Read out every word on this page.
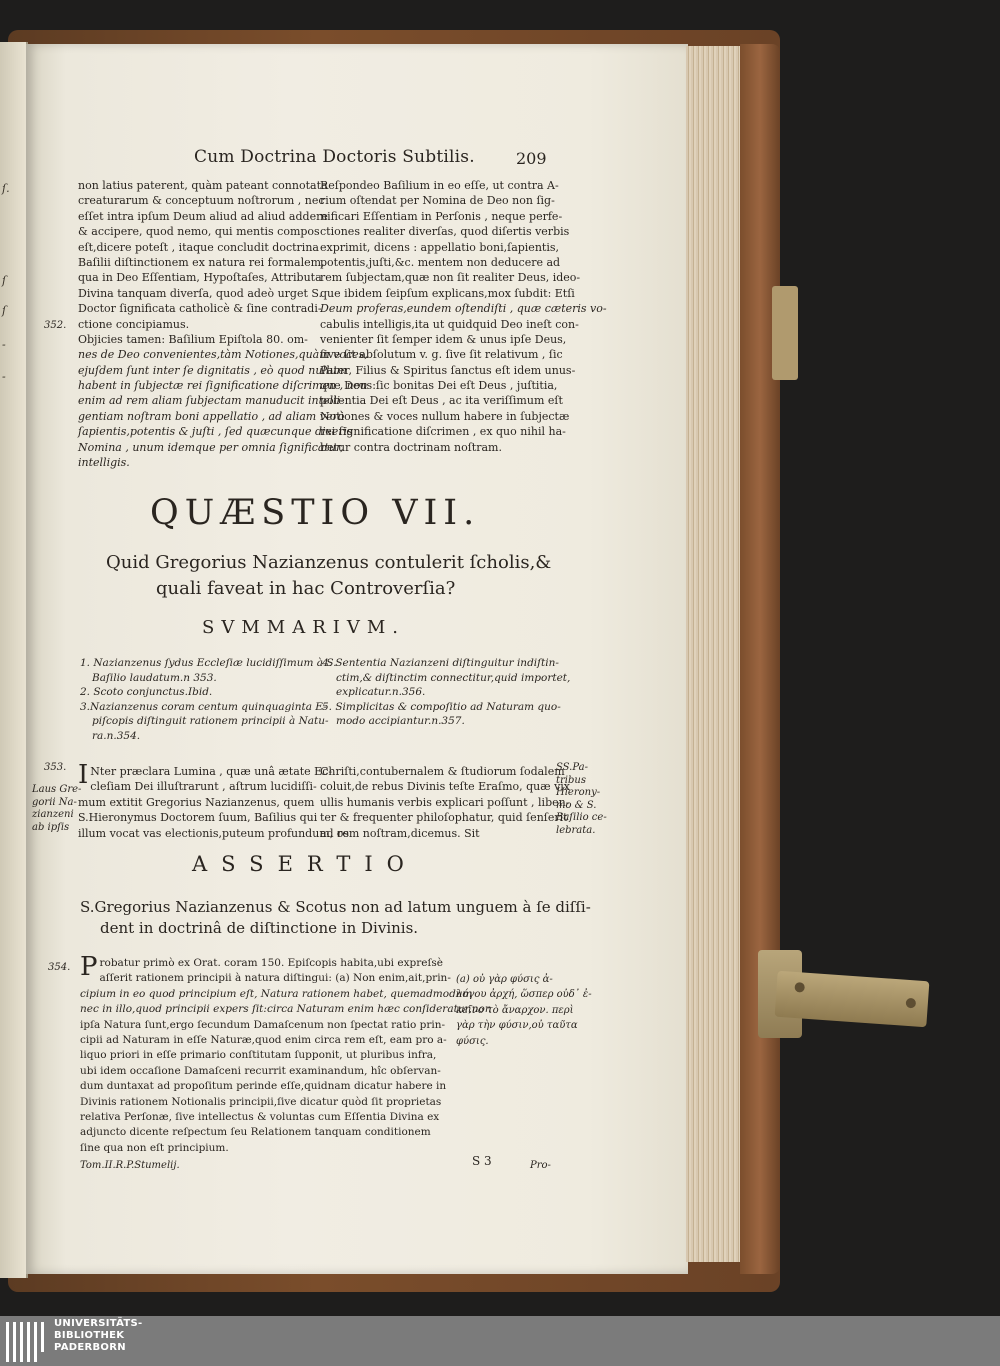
ſ.
ſ
ſ
-
-
Cum Doctrina Doctoris Subtilis.	209
non latius paterent, quàm pateant connotata
creaturarum & conceptuum noſtrorum , nec
eſſet intra ipſum Deum aliud ad aliud addere
& accipere, quod nemo, qui mentis compos
eſt,dicere poteſt , itaque concludit doctrina
Baſilii diſtinctionem ex natura rei formalem,
qua in Deo Eſſentiam, Hypoſtaſes, Attributa
Divina tanquam diverſa, quod adeò urget S.
Doctor ſignificata catholicè & ſine contradi-
ctione concipiamus.
Objicies tamen: Baſilium Epiſtola 80. om-
nes de Deo convenientes,tàm Notiones,quàm voces,
ejuſdem ſunt inter ſe dignitatis , eò quod nullum
habent in ſubjectæ rei ſignificatione diſcrimen , non
enim ad rem aliam ſubjectam manuducit intelli-
gentiam noſtram boni appellatio , ad aliam verò
ſapientis,potentis & juſti , ſed quæcunque dixeris
Nomina , unum idemque per omnia ſignificatur,
intelligis.
352.
Reſpondeo Baſilium in eo eſſe, ut contra A-
rium oſtendat per Nomina de Deo non ſig-
nificari Eſſentiam in Perſonis , neque perfe-
ctiones realiter diverſas, quod diſertis verbis
exprimit, dicens : appellatio boni,ſapientis,
potentis,juſti,&c. mentem non deducere ad
rem ſubjectam,quæ non ſit realiter Deus, ideo-
que ibidem ſeipſum explicans,mox ſubdit: Etſi
Deum proferas,eundem oſtendiſti , quæ cæteris vo-
cabulis intelligis,ita ut quidquid Deo ineſt con-
venienter ſit ſemper idem & unus ipſe Deus,
ſive ſit abſolutum v. g. ſive ſit relativum , ſic
Pater, Filius & Spiritus ſanctus eſt idem unus-
que Deus:ſic bonitas Dei eſt Deus , juſtitia,
potentia Dei eſt Deus , ac ita veriſſimum eſt
Notiones & voces nullum habere in ſubjectæ
rei ſignificatione diſcrimen , ex quo nihil ha-
betur contra doctrinam noſtram.
QUÆSTIO VII.
Quid Gregorius Nazianzenus contulerit ſcholis,&
quali faveat in hac Controverſia?
SVMMARIVM.
1. Nazianzenus ſydus Eccleſiæ lucidiſſimum à S.
Baſilio laudatum.n 353.
2. Scoto conjunctus.Ibid.
3.Nazianzenus coram centum quinquaginta E-
piſcopis diſtinguit rationem principii à Natu-
ra.n.354.
4. Sententia Nazianzeni diſtinguitur indiſtin-
ctim,& diſtinctim connectitur,quid importet,
explicatur.n.356.
5. Simplicitas & compoſitio ad Naturam quo-
modo accipiantur.n.357.
353.
Laus Gre-
gorii Na-
zianzeni
ab ipſis
I Nter præclara Lumina , quæ unâ ætate Ec-
cleſiam Dei illuſtrarunt , aſtrum lucidiſſi-
mum extitit Gregorius Nazianzenus, quem
S.Hieronymus Doctorem ſuum, Baſilius qui
illum vocat vas electionis,puteum profundum, os
Chriſti,contubernalem & ſtudiorum ſodalem
coluit,de rebus Divinis teſte Eraſmo, quæ vix
ullis humanis verbis explicari poſſunt , liben-
ter & frequenter philoſophatur, quid ſenſerit
ad rem noſtram,dicemus. Sit
SS.Pa-
tribus
Hierony-
mo & S.
Baſilio ce-
lebrata.
ASSERTIO
S.Gregorius Nazianzenus & Scotus non ad latum unguem à ſe diſſi-
dent in doctrinâ de diſtinctione in Divinis.
354. P robatur primò ex Orat. coram 150. Epiſcopis habita,ubi expreſsè
aſſerit rationem principii à natura diſtingui: (a) Non enim,ait,prin-
cipium in eo quod principium eſt, Natura rationem habet, quemadmodum
nec in illo,quod principii expers ſit:circa Naturam enim hæc conſideratur,non
ipſa Natura ſunt,ergo ſecundum Damaſcenum non ſpectat ratio prin-
cipii ad Naturam in eſſe Naturæ,quod enim circa rem eſt, eam pro a-
liquo priori in eſſe primario conſtitutam ſupponit, ut pluribus infra,
ubi idem occaſione Damaſceni recurrit examinandum, hîc obſervan-
dum duntaxat ad propoſitum perinde eſſe,quidnam dicatur habere in
Divinis rationem Notionalis principii,ſive dicatur quòd ſit proprietas
relativa Perſonæ, ſive intellectus & voluntas cum Eſſentia Divina ex
adjuncto dicente reſpectum ſeu Relationem tanquam conditionem
ſine qua non eſt principium.
(a) οὐ γὰρ φύσις ἀ-
λόγου ἀρχή, ὥσπερ οὐδ᾽ ἐ-
κεῖνο τὸ ἄναρχον. περὶ
γὰρ τὴν φύσιν,οὐ ταῦτα
φύσις.
Tom.II.R.P.Stumelij.	S 3	Pro-
UNIVERSITÄTS-
BIBLIOTHEK
PADERBORN
